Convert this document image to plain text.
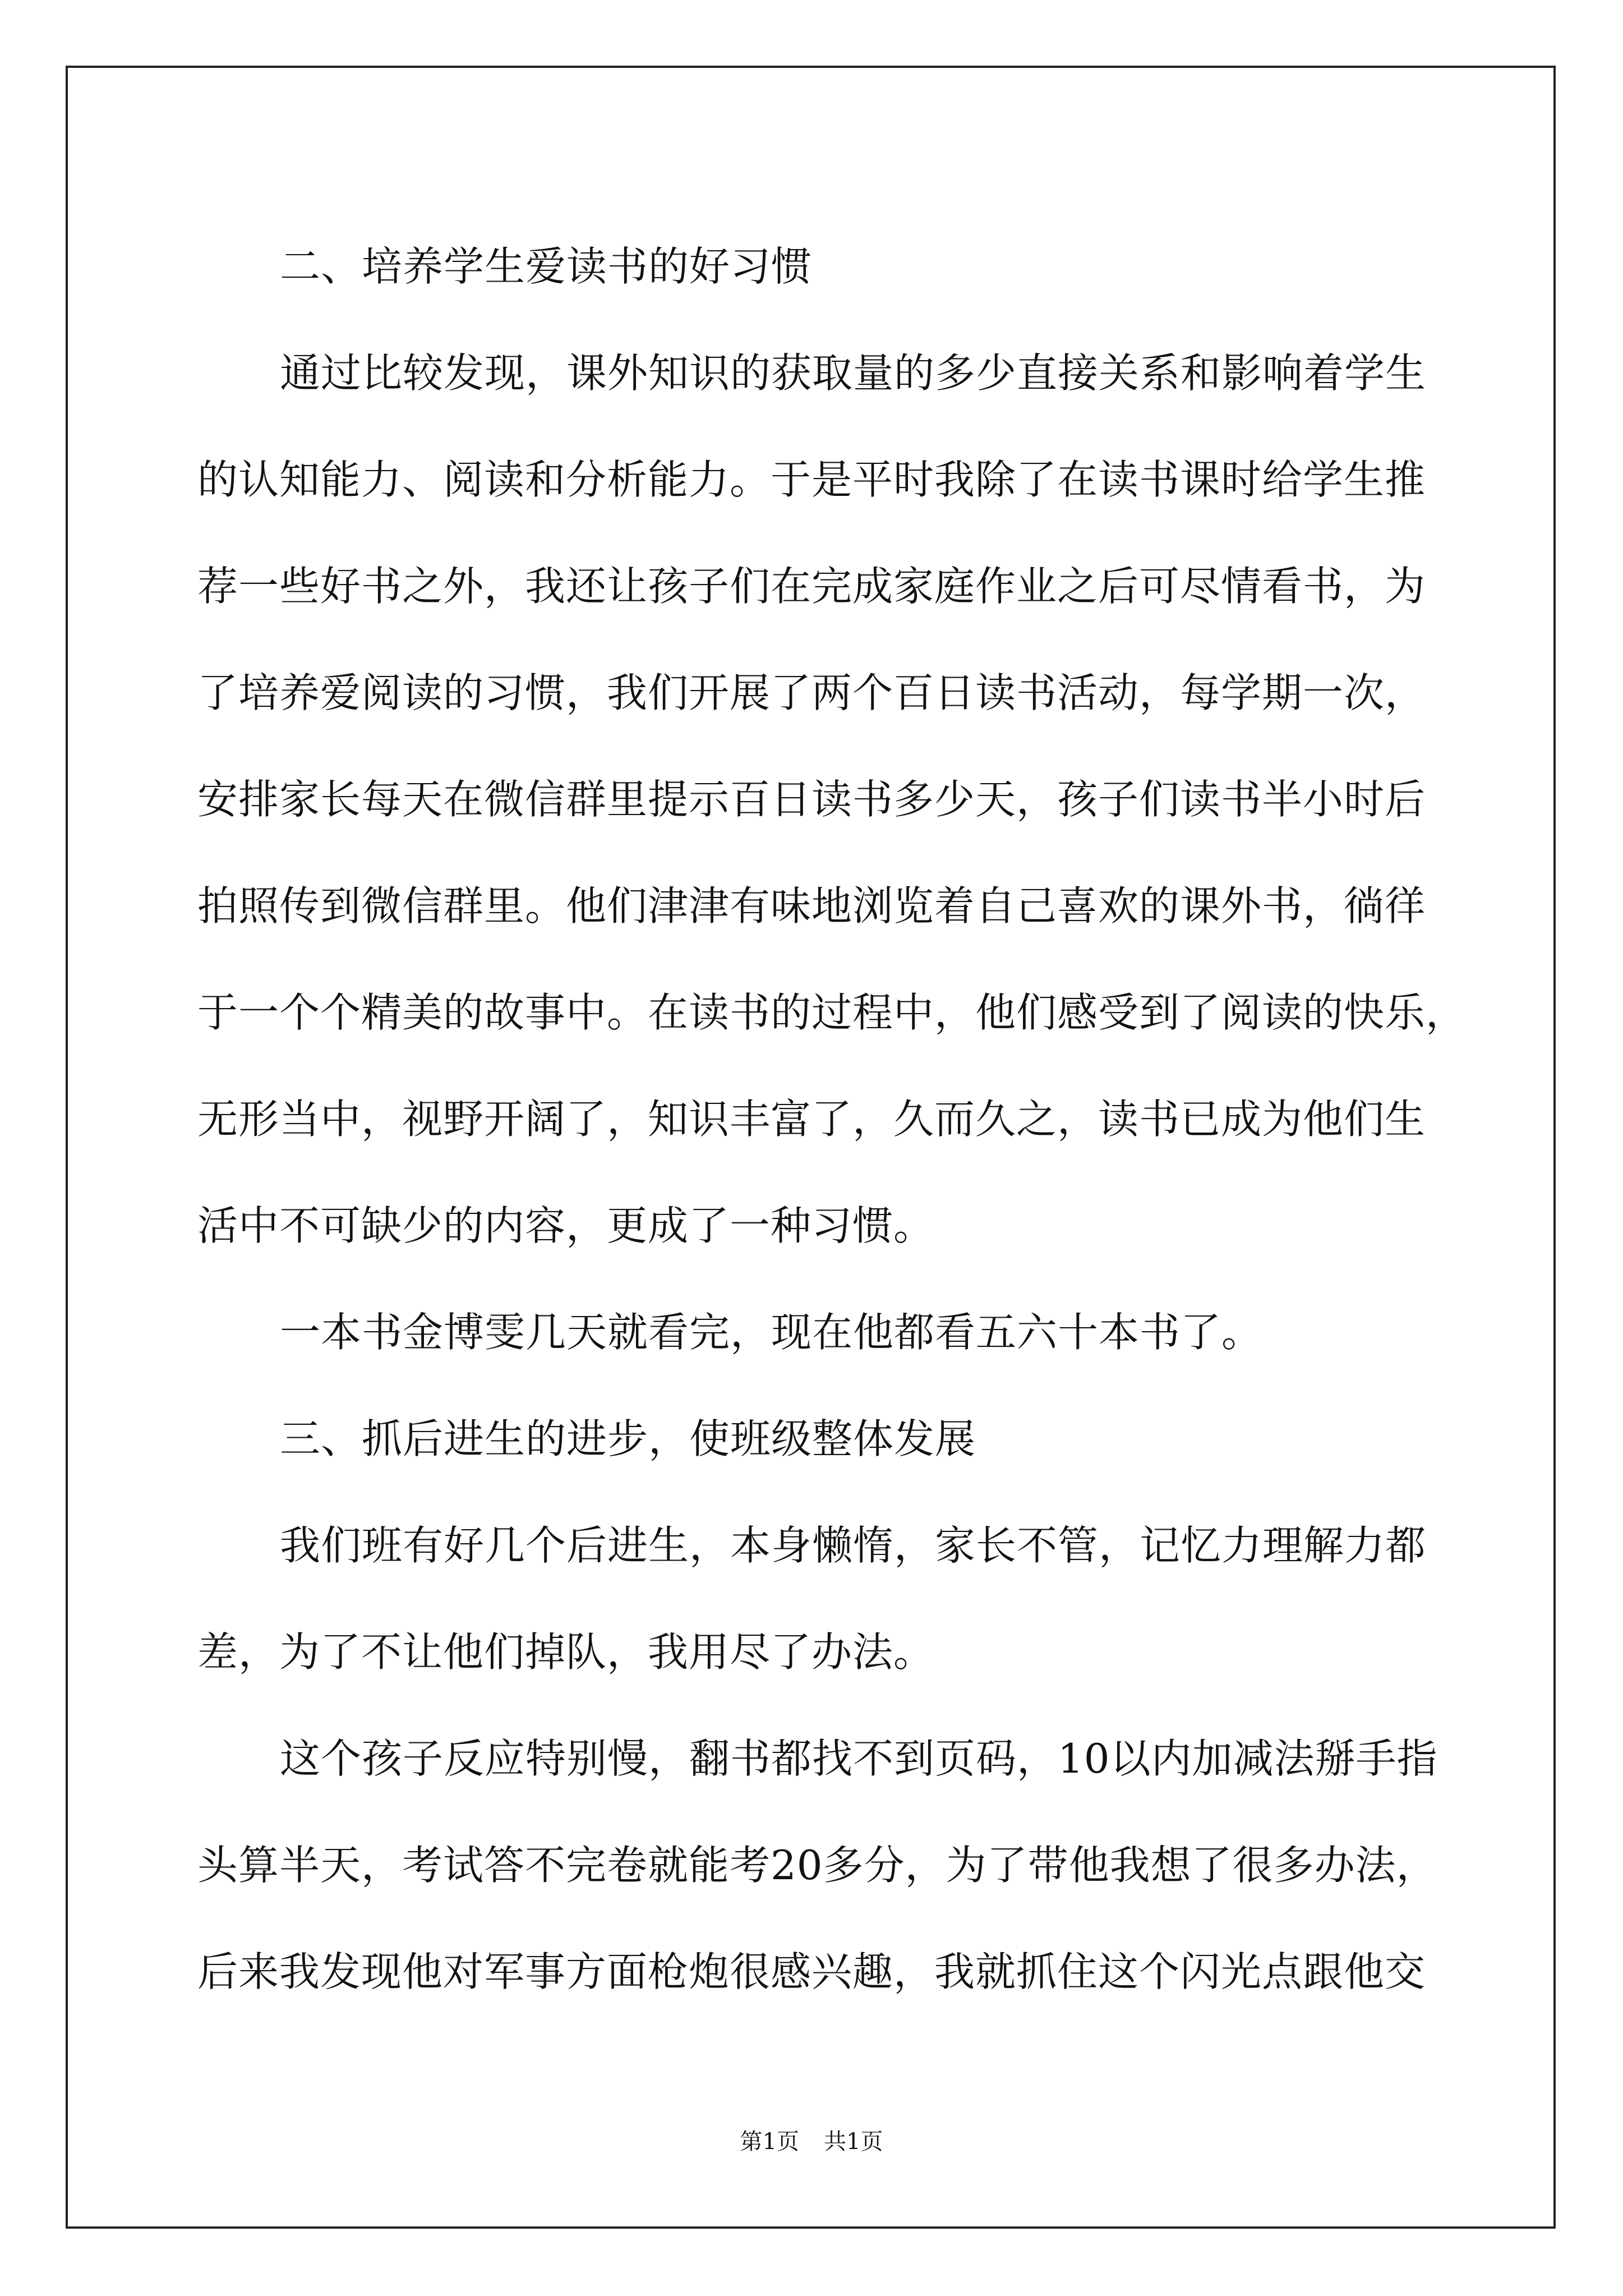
二、培养学生爱读书的好习惯
通过比较发现，课外知识的获取量的多少直接关系和影响着学生
的认知能力、阅读和分析能力。于是平时我除了在读书课时给学生推
荐一些好书之外，我还让孩子们在完成家庭作业之后可尽情看书，为
了培养爱阅读的习惯，我们开展了两个百日读书活动，每学期一次，
安排家长每天在微信群里提示百日读书多少天，孩子们读书半小时后
拍照传到微信群里。他们津津有味地浏览着自己喜欢的课外书，徜徉
于一个个精美的故事中。在读书的过程中，他们感受到了阅读的快乐，
无形当中，视野开阔了，知识丰富了，久而久之，读书已成为他们生
活中不可缺少的内容，更成了一种习惯。
一本书金博雯几天就看完，现在他都看五六十本书了。
三、抓后进生的进步，使班级整体发展
我们班有好几个后进生，本身懒惰，家长不管，记忆力理解力都
差，为了不让他们掉队，我用尽了办法。
这个孩子反应特别慢，翻书都找不到页码，10以内加减法掰手指
头算半天，考试答不完卷就能考20多分，为了带他我想了很多办法，
后来我发现他对军事方面枪炮很感兴趣，我就抓住这个闪光点跟他交
第1页 共1页
